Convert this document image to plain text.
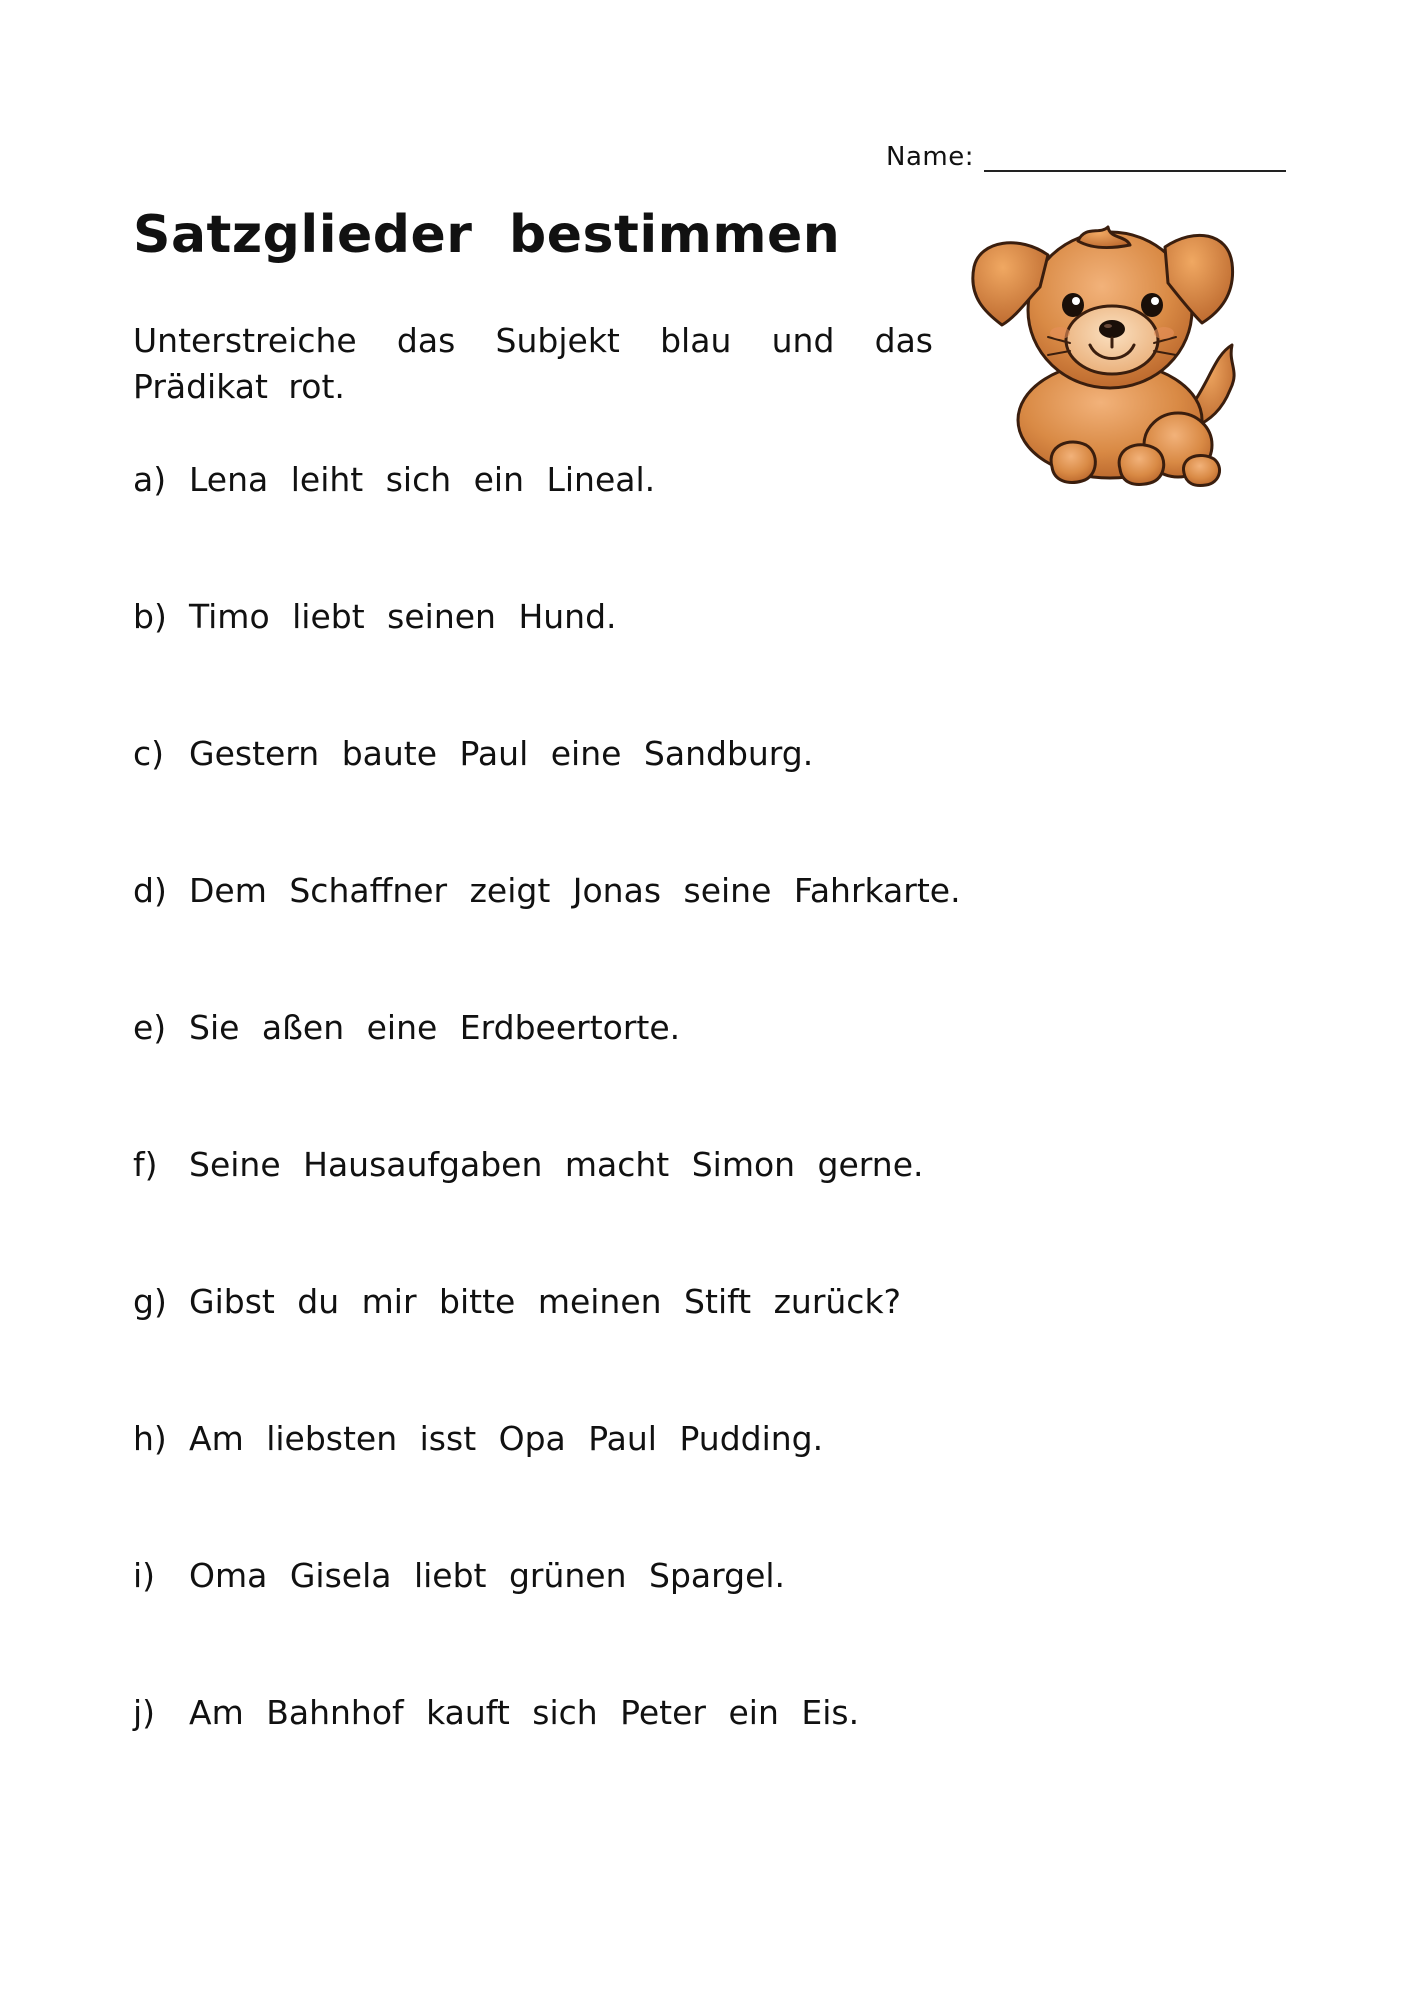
Name:
Satzglieder bestimmen

Unterstreiche das Subjekt blau und das Prädikat rot.

a) Lena leiht sich ein Lineal.
b) Timo liebt seinen Hund.
c) Gestern baute Paul eine Sandburg.
d) Dem Schaffner zeigt Jonas seine Fahrkarte.
e) Sie aßen eine Erdbeertorte.
f) Seine Hausaufgaben macht Simon gerne.
g) Gibst du mir bitte meinen Stift zurück?
h) Am liebsten isst Opa Paul Pudding.
i)	Oma Gisela liebt grünen Spargel.
j)	Am Bahnhof kauft sich Peter ein Eis.
